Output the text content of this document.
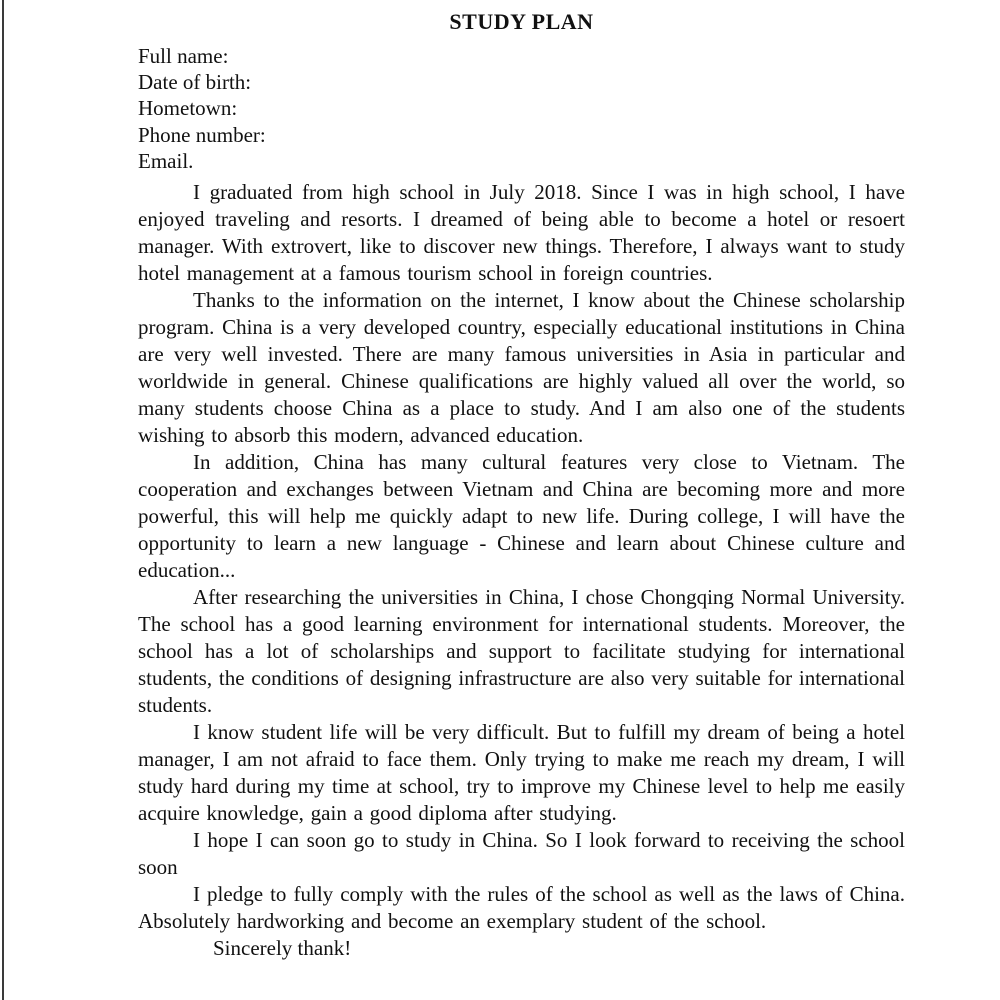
STUDY PLAN
Full name:
Date of birth:
Hometown:
Phone number:
Email.

I graduated from high school in July 2018. Since I was in high school, I have enjoyed traveling and resorts. I dreamed of being able to become a hotel or resoert manager. With extrovert, like to discover new things. Therefore, I always want to study hotel management at a famous tourism school in foreign countries.

Thanks to the information on the internet, I know about the Chinese scholarship program. China is a very developed country, especially educational institutions in China are very well invested. There are many famous universities in Asia in particular and worldwide in general. Chinese qualifications are highly valued all over the world, so many students choose China as a place to study. And I am also one of the students wishing to absorb this modern, advanced education.

In addition, China has many cultural features very close to Vietnam. The cooperation and exchanges between Vietnam and China are becoming more and more powerful, this will help me quickly adapt to new life. During college, I will have the opportunity to learn a new language - Chinese and learn about Chinese culture and education...

After researching the universities in China, I chose Chongqing Normal University. The school has a good learning environment for international students. Moreover, the school has a lot of scholarships and support to facilitate studying for international students, the conditions of designing infrastructure are also very suitable for international students.

I know student life will be very difficult. But to fulfill my dream of being a hotel manager, I am not afraid to face them. Only trying to make me reach my dream, I will study hard during my time at school, try to improve my Chinese level to help me easily acquire knowledge, gain a good diploma after studying.

I hope I can soon go to study in China. So I look forward to receiving the school soon

I pledge to fully comply with the rules of the school as well as the laws of China. Absolutely hardworking and become an exemplary student of the school.

Sincerely thank!
